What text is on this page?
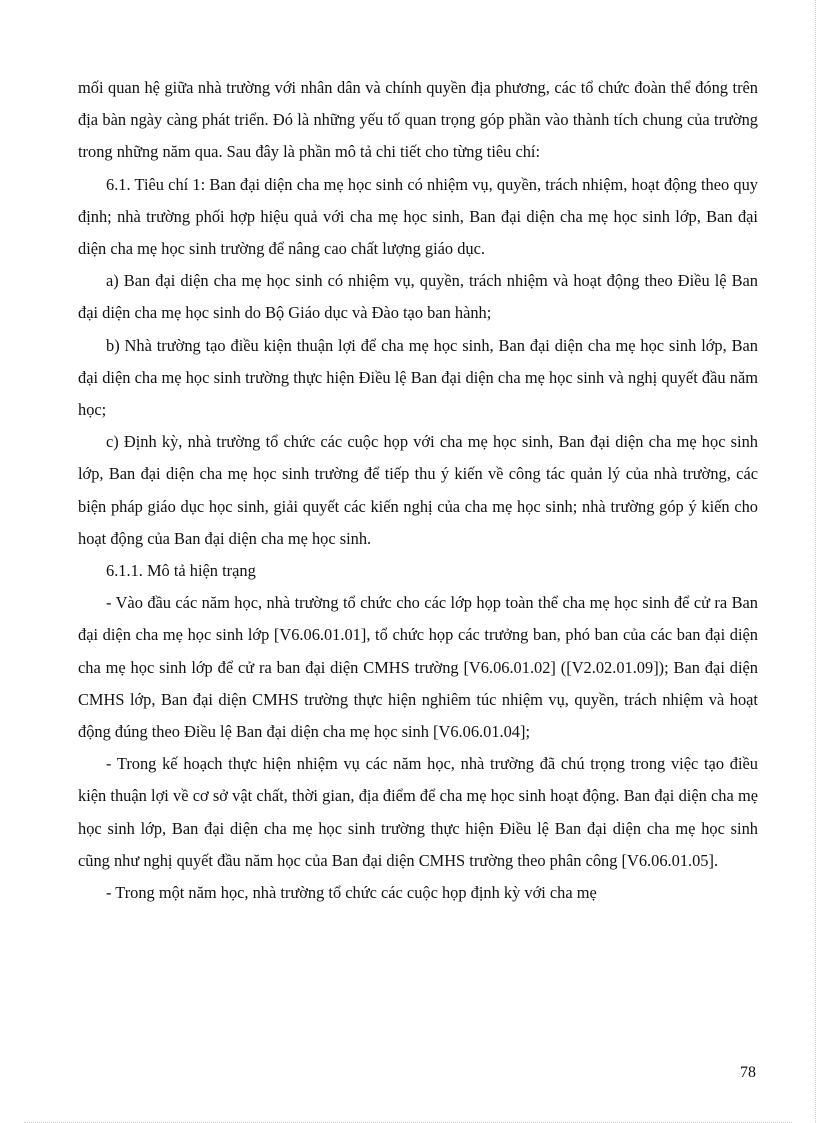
mối quan hệ giữa nhà trường với nhân dân và chính quyền địa phương, các tổ chức đoàn thể đóng trên địa bàn ngày càng phát triển. Đó là những yếu tố quan trọng góp phần vào thành tích chung của trường trong những năm qua. Sau đây là phần mô tả chi tiết cho từng tiêu chí:

6.1. Tiêu chí 1: Ban đại diện cha mẹ học sinh có nhiệm vụ, quyền, trách nhiệm, hoạt động theo quy định; nhà trường phối hợp hiệu quả với cha mẹ học sinh, Ban đại diện cha mẹ học sinh lớp, Ban đại diện cha mẹ học sinh trường để nâng cao chất lượng giáo dục.

a) Ban đại diện cha mẹ học sinh có nhiệm vụ, quyền, trách nhiệm và hoạt động theo Điều lệ Ban đại diện cha mẹ học sinh do Bộ Giáo dục và Đào tạo ban hành;

b) Nhà trường tạo điều kiện thuận lợi để cha mẹ học sinh, Ban đại diện cha mẹ học sinh lớp, Ban đại diện cha mẹ học sinh trường thực hiện Điều lệ Ban đại diện cha mẹ học sinh và nghị quyết đầu năm học;

c) Định kỳ, nhà trường tổ chức các cuộc họp với cha mẹ học sinh, Ban đại diện cha mẹ học sinh lớp, Ban đại diện cha mẹ học sinh trường để tiếp thu ý kiến về công tác quản lý của nhà trường, các biện pháp giáo dục học sinh, giải quyết các kiến nghị của cha mẹ học sinh; nhà trường góp ý kiến cho hoạt động của Ban đại diện cha mẹ học sinh.

6.1.1. Mô tả hiện trạng

- Vào đầu các năm học, nhà trường tổ chức cho các lớp họp toàn thể cha mẹ học sinh để cử ra Ban đại diện cha mẹ học sinh lớp [V6.06.01.01], tổ chức họp các trưởng ban, phó ban của các ban đại diện cha mẹ học sinh lớp để cử ra ban đại diện CMHS trường [V6.06.01.02] ([V2.02.01.09]); Ban đại diện CMHS lớp, Ban đại diện CMHS trường thực hiện nghiêm túc nhiệm vụ, quyền, trách nhiệm và hoạt động đúng theo Điều lệ Ban đại diện cha mẹ học sinh [V6.06.01.04];

- Trong kế hoạch thực hiện nhiệm vụ các năm học, nhà trường đã chú trọng trong việc tạo điều kiện thuận lợi về cơ sở vật chất, thời gian, địa điểm để cha mẹ học sinh hoạt động. Ban đại diện cha mẹ học sinh lớp, Ban đại diện cha mẹ học sinh trường thực hiện Điều lệ Ban đại diện cha mẹ học sinh cũng như nghị quyết đầu năm học của Ban đại diện CMHS trường theo phân công [V6.06.01.05].

- Trong một năm học, nhà trường tổ chức các cuộc họp định kỳ với cha mẹ

78
